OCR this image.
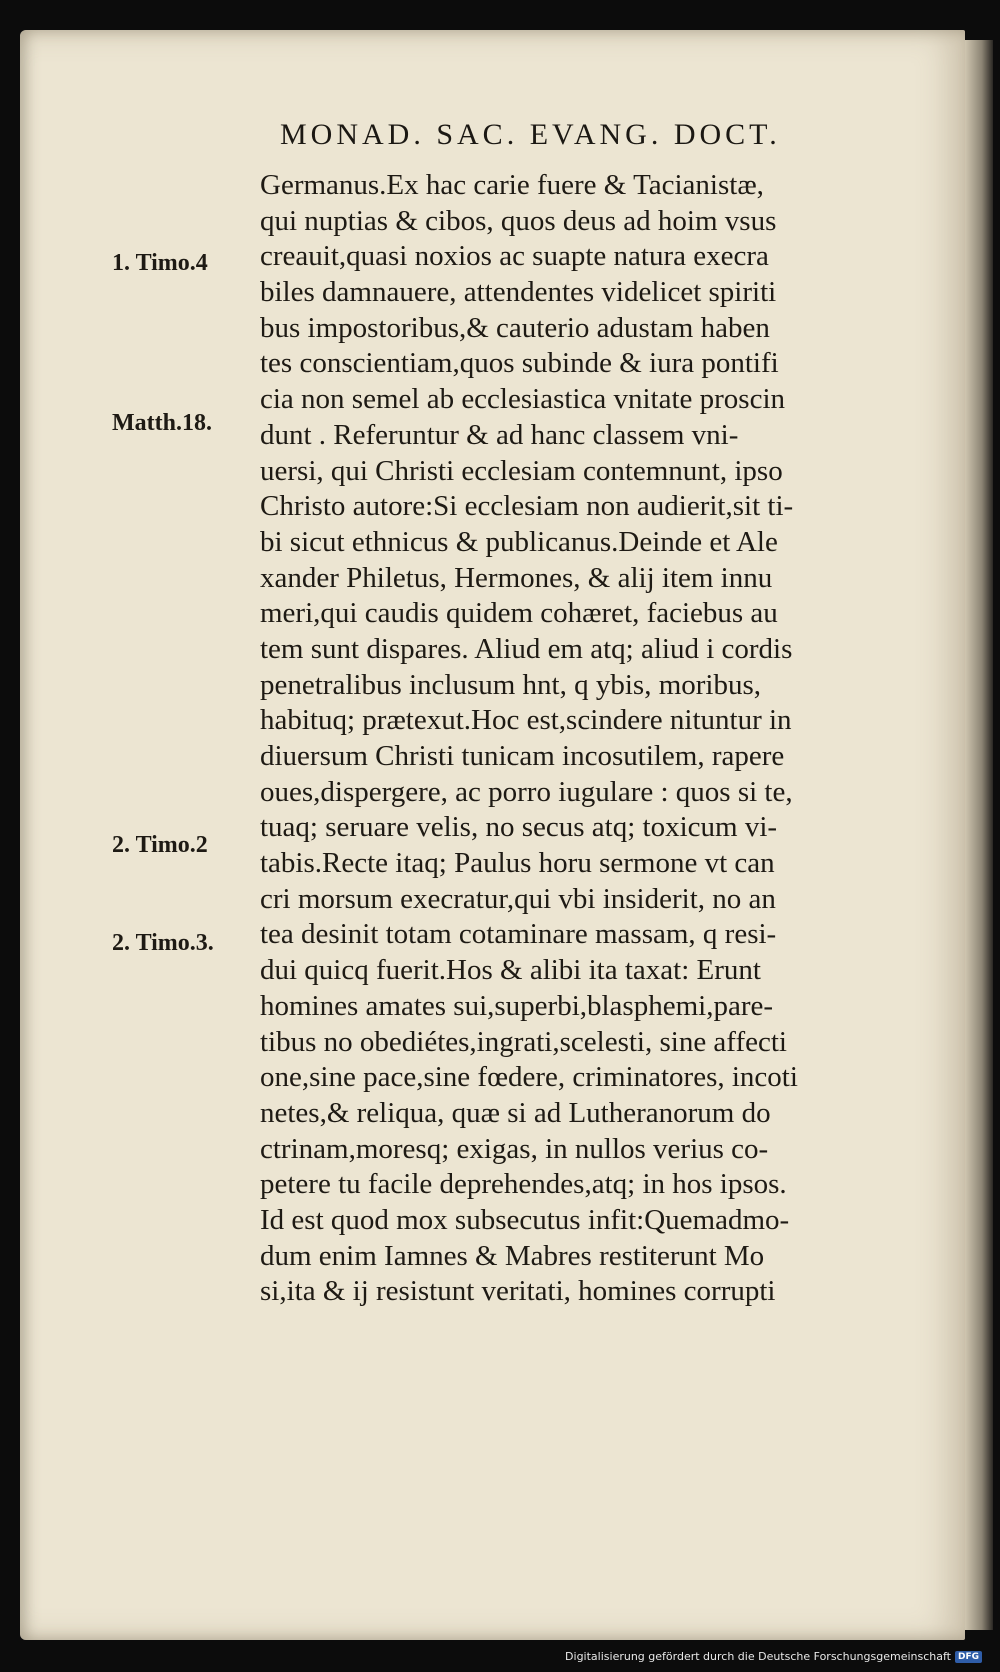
MONAD. SAC. EVANG. DOCT.
1. Timo.4
Matth.18.
2. Timo.2
2. Timo.3.
Germanus.Ex hac carie fuere & Tacianistæ,
qui nuptias & cibos, quos deus ad hoim vsus
creauit,quasi noxios ac suapte natura execra
biles damnauere, attendentes videlicet spiriti
bus impostoribus,& cauterio adustam haben
tes conscientiam,quos subinde & iura pontifi
cia non semel ab ecclesiastica vnitate proscin
dunt . Referuntur & ad hanc classem vni-
uersi, qui Christi ecclesiam contemnunt, ipso
Christo autore:Si ecclesiam non audierit,sit ti-
bi sicut ethnicus & publicanus.Deinde et Ale
xander Philetus, Hermones, & alij item innu
meri,qui caudis quidem cohæret, faciebus au
tem sunt dispares. Aliud em atq; aliud i cordis
penetralibus inclusum hnt, q ybis, moribus,
habituq; prætexut.Hoc est,scindere nituntur in
diuersum Christi tunicam incosutilem, rapere
oues,dispergere, ac porro iugulare : quos si te,
tuaq; seruare velis, no secus atq; toxicum vi-
tabis.Recte itaq; Paulus horu sermone vt can
cri morsum execratur,qui vbi insiderit, no an
tea desinit totam cotaminare massam, q resi-
dui quicq fuerit.Hos & alibi ita taxat: Erunt
homines amates sui,superbi,blasphemi,pare-
tibus no obediétes,ingrati,scelesti, sine affecti
one,sine pace,sine fœdere, criminatores, incoti
netes,& reliqua, quæ si ad Lutheranorum do
ctrinam,moresq; exigas, in nullos verius co-
petere tu facile deprehendes,atq; in hos ipsos.
Id est quod mox subsecutus infit:Quemadmo-
dum enim Iamnes & Mabres restiterunt Mo
si,ita & ij resistunt veritati, homines corrupti
Digitalisierung gefördert durch die Deutsche Forschungsgemeinschaft DFG
